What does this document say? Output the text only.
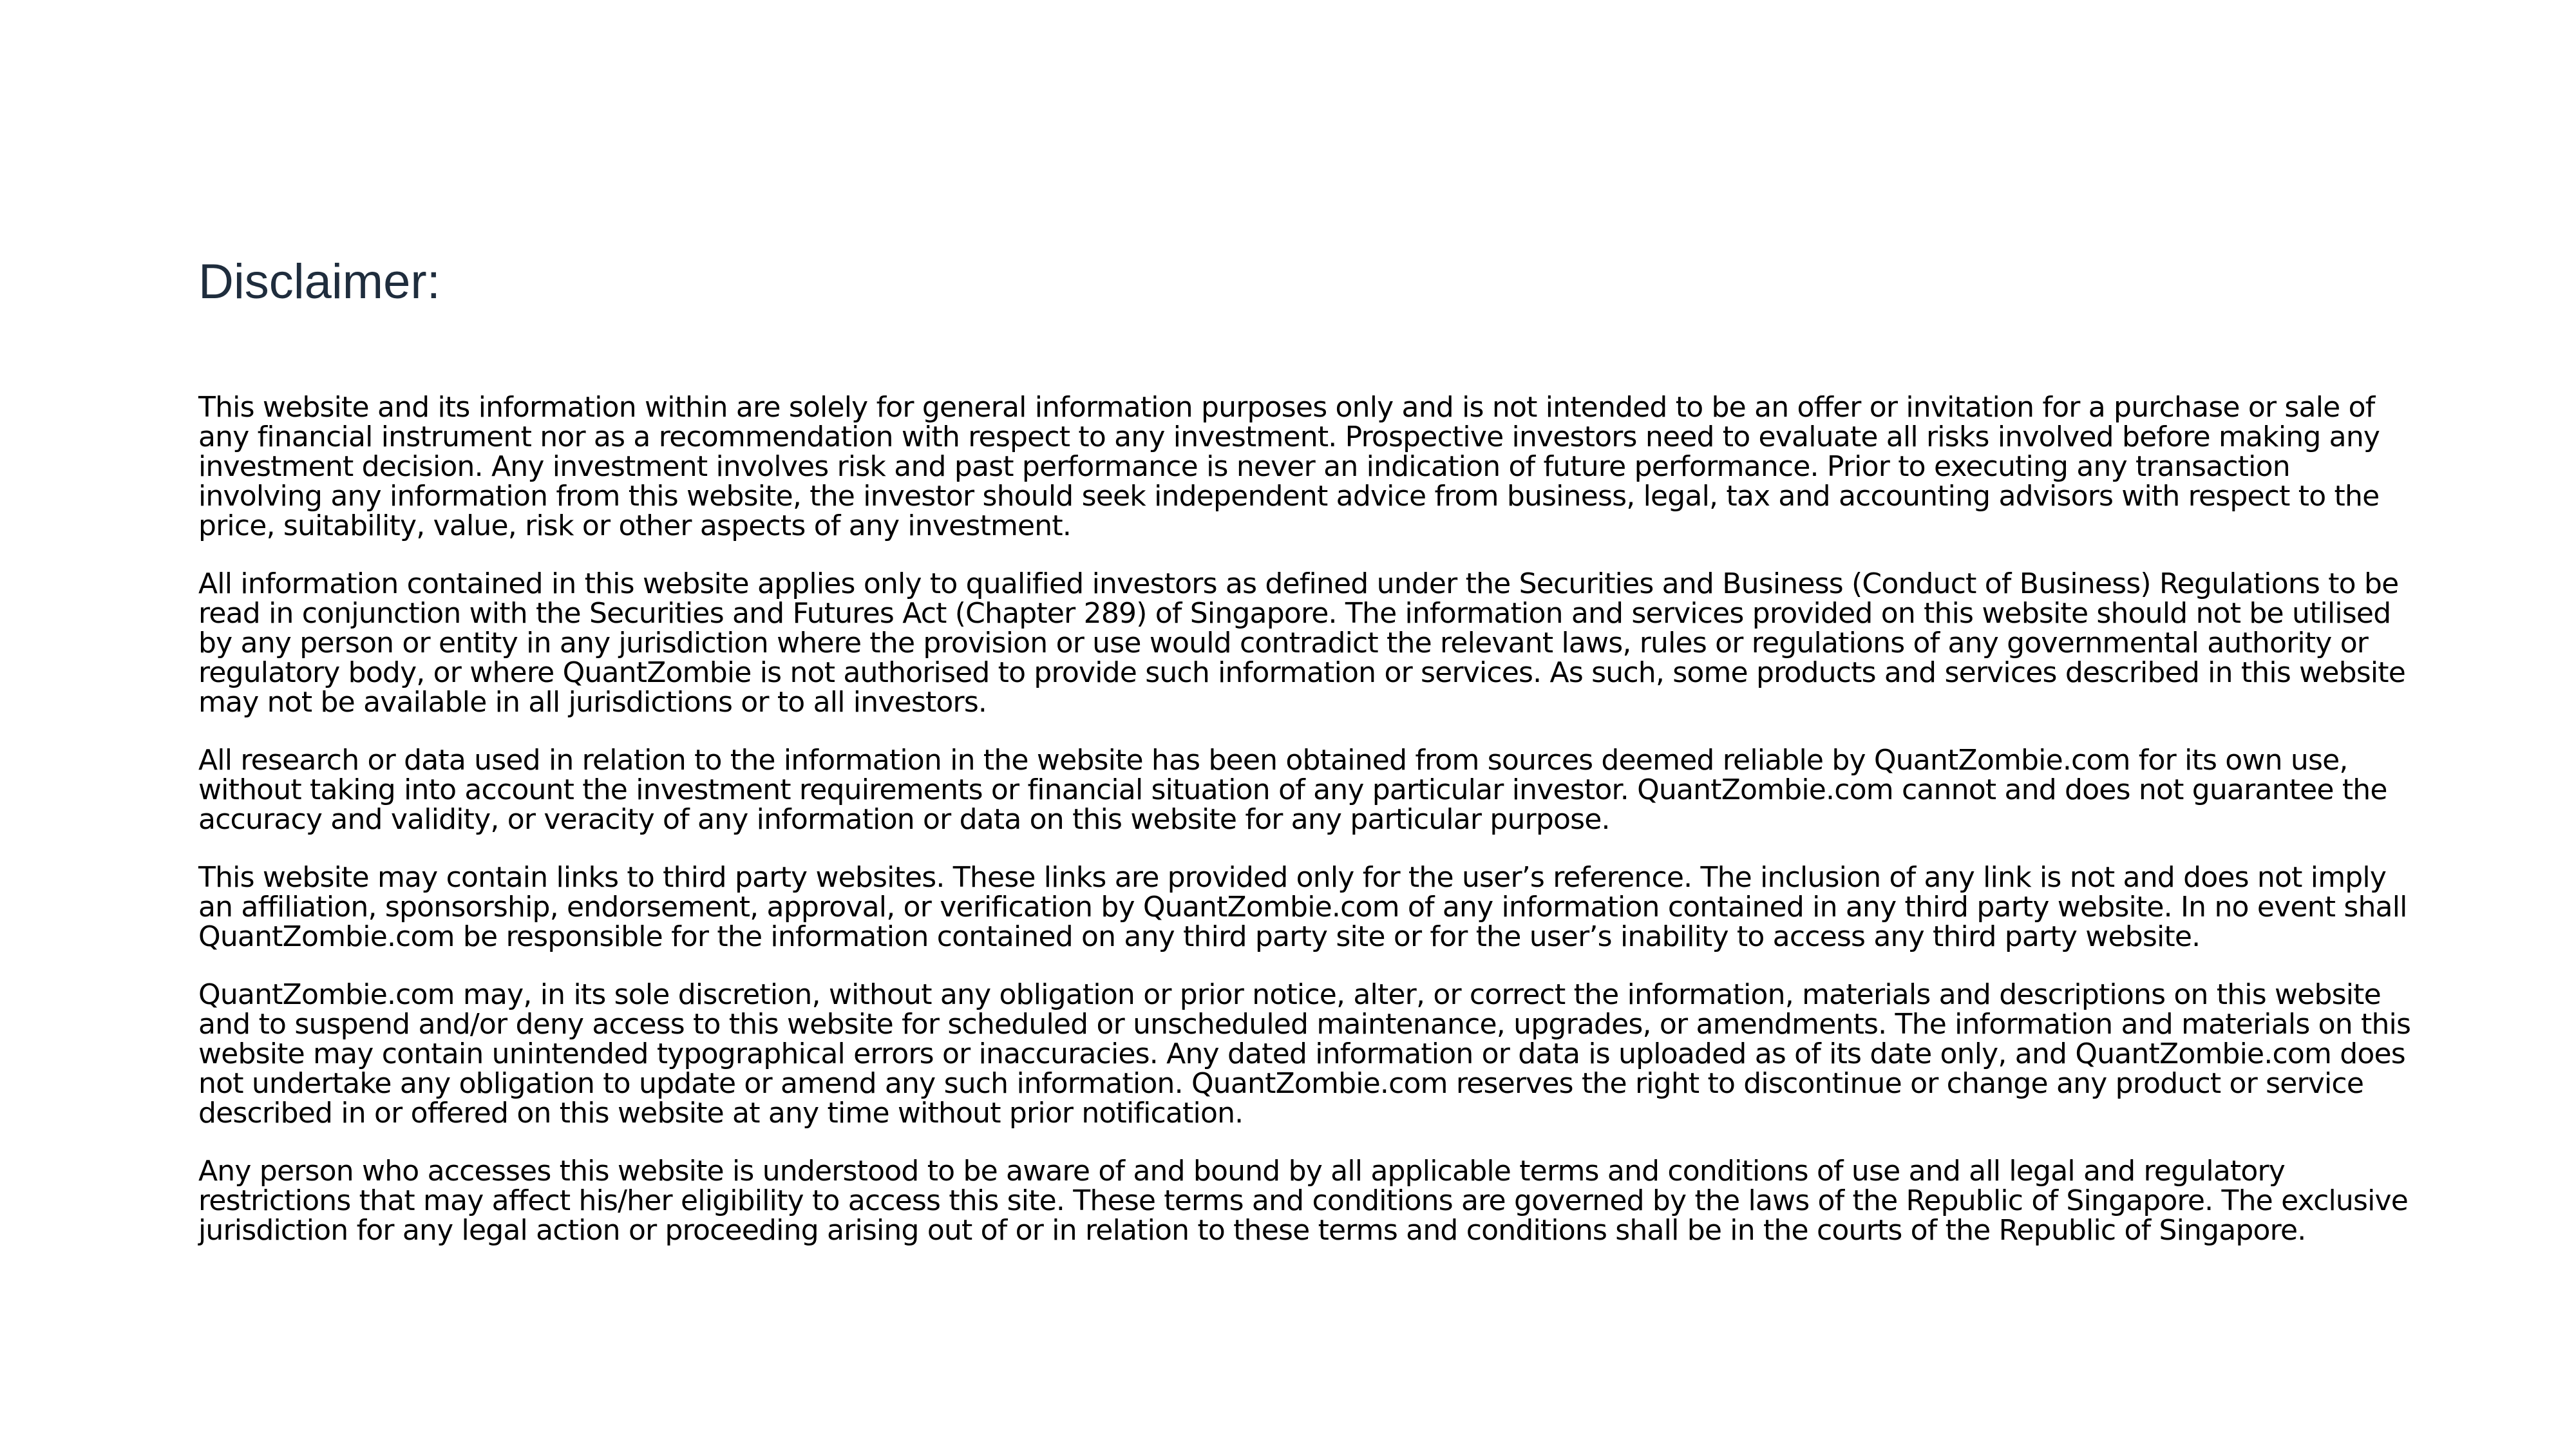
Disclaimer:

This website and its information within are solely for general information purposes only and is not intended to be an offer or invitation for a purchase or sale of any financial instrument nor as a recommendation with respect to any investment. Prospective investors need to evaluate all risks involved before making any investment decision. Any investment involves risk and past performance is never an indication of future performance. Prior to executing any transaction involving any information from this website, the investor should seek independent advice from business, legal, tax and accounting advisors with respect to the price, suitability, value, risk or other aspects of any investment.

All information contained in this website applies only to qualified investors as defined under the Securities and Business (Conduct of Business) Regulations to be read in conjunction with the Securities and Futures Act (Chapter 289) of Singapore. The information and services provided on this website should not be utilised by any person or entity in any jurisdiction where the provision or use would contradict the relevant laws, rules or regulations of any governmental authority or regulatory body, or where QuantZombie is not authorised to provide such information or services. As such, some products and services described in this website may not be available in all jurisdictions or to all investors.

All research or data used in relation to the information in the website has been obtained from sources deemed reliable by QuantZombie.com for its own use, without taking into account the investment requirements or financial situation of any particular investor. QuantZombie.com cannot and does not guarantee the accuracy and validity, or veracity of any information or data on this website for any particular purpose.

This website may contain links to third party websites. These links are provided only for the user’s reference. The inclusion of any link is not and does not imply an affiliation, sponsorship, endorsement, approval, or verification by QuantZombie.com of any information contained in any third party website. In no event shall QuantZombie.com be responsible for the information contained on any third party site or for the user’s inability to access any third party website.

QuantZombie.com may, in its sole discretion, without any obligation or prior notice, alter, or correct the information, materials and descriptions on this website and to suspend and/or deny access to this website for scheduled or unscheduled maintenance, upgrades, or amendments. The information and materials on this website may contain unintended typographical errors or inaccuracies. Any dated information or data is uploaded as of its date only, and QuantZombie.com does not undertake any obligation to update or amend any such information. QuantZombie.com reserves the right to discontinue or change any product or service described in or offered on this website at any time without prior notification.

Any person who accesses this website is understood to be aware of and bound by all applicable terms and conditions of use and all legal and regulatory restrictions that may affect his/her eligibility to access this site. These terms and conditions are governed by the laws of the Republic of Singapore. The exclusive jurisdiction for any legal action or proceeding arising out of or in relation to these terms and conditions shall be in the courts of the Republic of Singapore.
